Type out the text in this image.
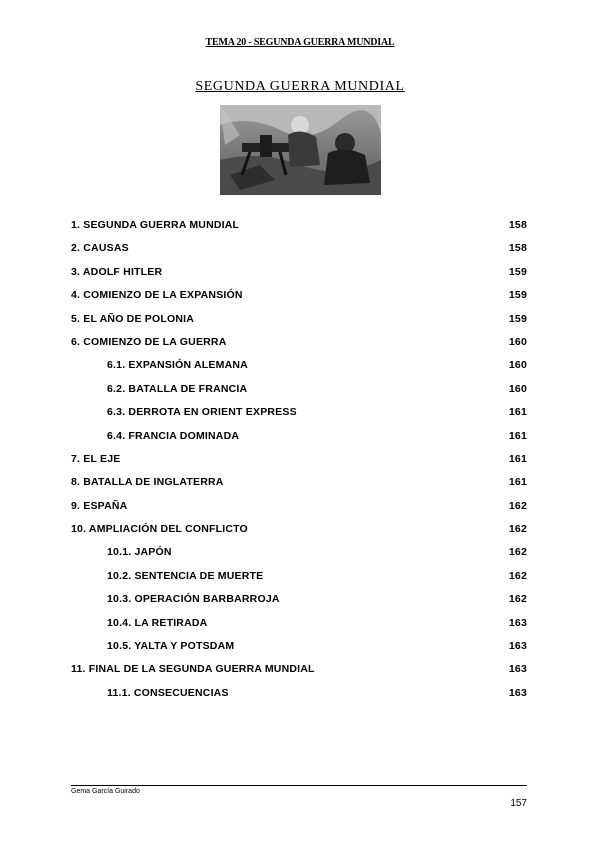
TEMA 20 - SEGUNDA GUERRA MUNDIAL
SEGUNDA GUERRA MUNDIAL
1. SEGUNDA GUERRA MUNDIAL	158
2. CAUSAS	158
3. ADOLF HITLER	159
4. COMIENZO DE LA EXPANSIÓN	159
5. EL AÑO DE POLONIA	159
6. COMIENZO DE LA GUERRA	160
6.1. EXPANSIÓN ALEMANA	160
6.2. BATALLA DE FRANCIA	160
6.3. DERROTA EN ORIENT EXPRESS	161
6.4. FRANCIA DOMINADA	161
7. EL EJE	161
8. BATALLA DE INGLATERRA	161
9. ESPAÑA	162
10. AMPLIACIÓN DEL CONFLICTO	162
10.1. JAPÓN	162
10.2. SENTENCIA DE MUERTE	162
10.3. OPERACIÓN BARBARROJA	162
10.4. LA RETIRADA	163
10.5. YALTA Y POTSDAM	163
11. FINAL DE LA SEGUNDA GUERRA MUNDIAL	163
11.1. CONSECUENCIAS	163
Gema García Guirado
157
